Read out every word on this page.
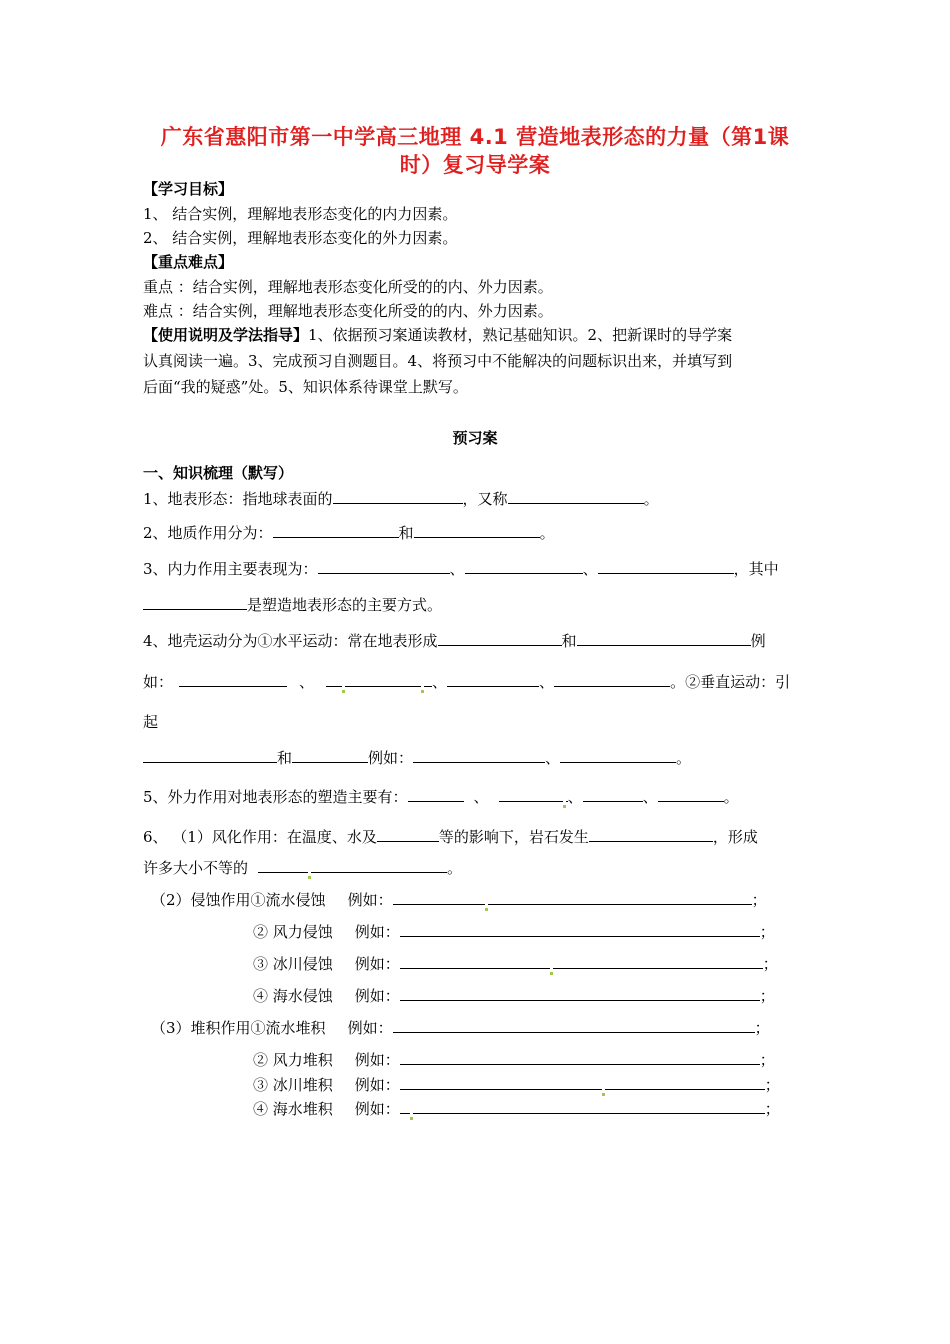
广东省惠阳市第一中学高三地理 4.1 营造地表形态的力量（第1课
时）复习导学案
【学习目标】
1、 结合实例，理解地表形态变化的内力因素。
2、 结合实例，理解地表形态变化的外力因素。
【重点难点】
重点 ：结合实例，理解地表形态变化所受的的内、外力因素。
难点 ：结合实例，理解地表形态变化所受的的内、外力因素。
【使用说明及学法指导】1、依据预习案通读教材，熟记基础知识。2、把新课时的导学案
认真阅读一遍。3、完成预习自测题目。4、将预习中不能解决的问题标识出来，并填写到
后面“我的疑惑”处。5、知识体系待课堂上默写。
预习案
一、知识梳理（默写）
1、地表形态：指地球表面的	，又称	。
2、地质作用分为：	和	。
3、内力作用主要表现为：	、	、	，其中
是塑造地表形态的主要方式。
4、地壳运动分为①水平运动：常在地表形成	和	例
如：	、	、	、	。②垂直运动：引
起
和	例如：	、	。
5、外力作用对地表形态的塑造主要有：	、	、	、	。
6、 （1）风化作用：在温度、水及	等的影响下，岩石发生	，形成
许多大小不等的	。
（2）侵蚀作用①流水侵蚀 例如：	；
② 风力侵蚀 例如：	；
③ 冰川侵蚀 例如：	；
④ 海水侵蚀 例如：	；
（3）堆积作用①流水堆积 例如：	；
② 风力堆积 例如：	；
③ 冰川堆积 例如：	；
④ 海水堆积 例如：	；
